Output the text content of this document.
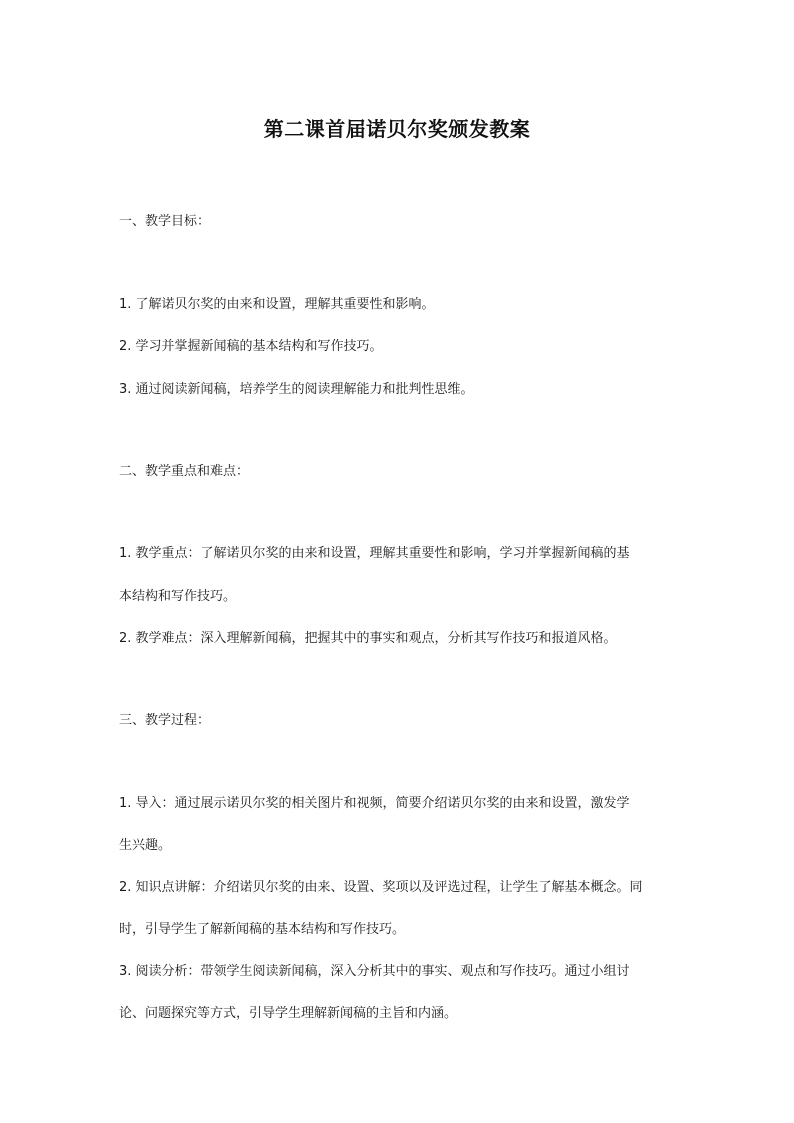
第二课首届诺贝尔奖颁发教案
一、教学目标：
1. 了解诺贝尔奖的由来和设置，理解其重要性和影响。
2. 学习并掌握新闻稿的基本结构和写作技巧。
3. 通过阅读新闻稿，培养学生的阅读理解能力和批判性思维。
二、教学重点和难点：
1. 教学重点：了解诺贝尔奖的由来和设置，理解其重要性和影响，学习并掌握新闻稿的基
本结构和写作技巧。
2. 教学难点：深入理解新闻稿，把握其中的事实和观点，分析其写作技巧和报道风格。
三、教学过程：
1. 导入：通过展示诺贝尔奖的相关图片和视频，简要介绍诺贝尔奖的由来和设置，激发学
生兴趣。
2. 知识点讲解：介绍诺贝尔奖的由来、设置、奖项以及评选过程，让学生了解基本概念。同
时，引导学生了解新闻稿的基本结构和写作技巧。
3. 阅读分析：带领学生阅读新闻稿，深入分析其中的事实、观点和写作技巧。通过小组讨
论、问题探究等方式，引导学生理解新闻稿的主旨和内涵。
